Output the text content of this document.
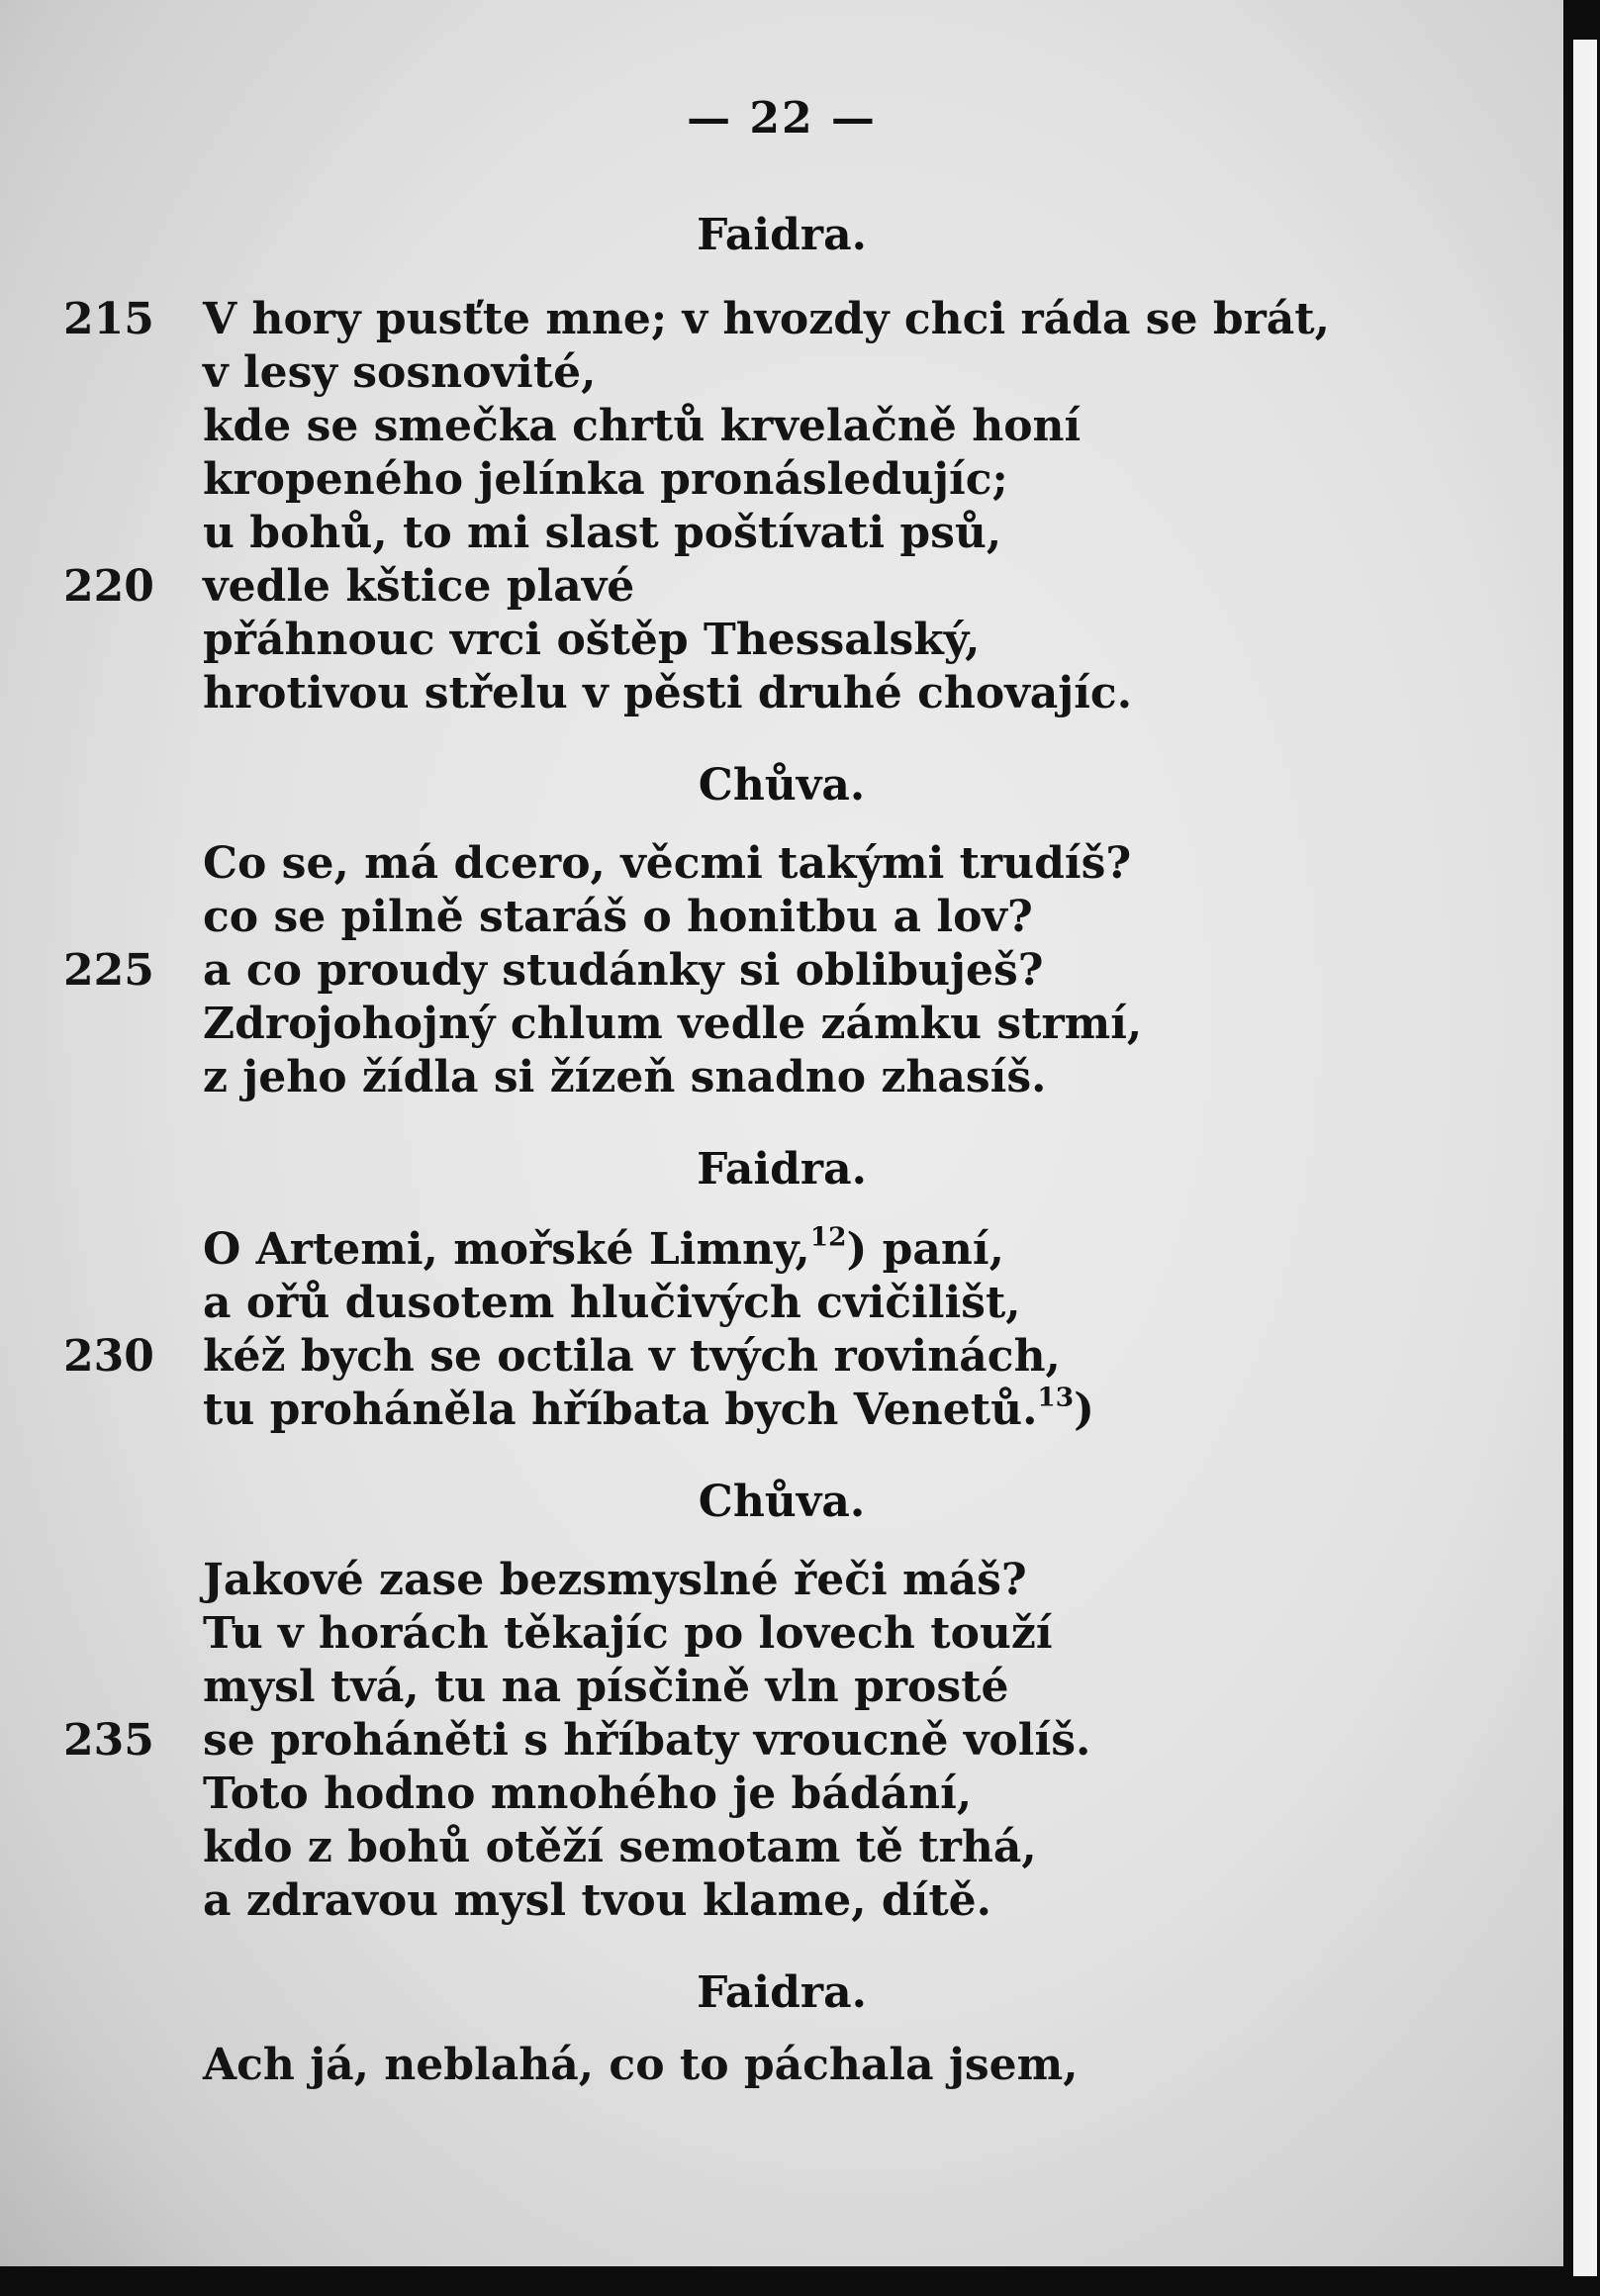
— 22 —
Faidra.
215 V hory pusťte mne; v hvozdy chci ráda se brát,
v lesy sosnovité,
kde se smečka chrtů krvelačně honí
kropeného jelínka pronásledujíc;
u bohů, to mi slast poštívati psů,
220 vedle kštice plavé
přáhnouc vrci oštěp Thessalský,
hrotivou střelu v pěsti druhé chovajíc.
Chůva.
Co se, má dcero, věcmi takými trudíš?
co se pilně staráš o honitbu a lov?
225 a co proudy studánky si oblibuješ?
Zdrojohojný chlum vedle zámku strmí,
z jeho žídla si žízeň snadno zhasíš.
Faidra.
O Artemi, mořské Limny,$^{12}$) paní,
a ořů dusotem hlučivých cvičilišt,
230 kéž bych se octila v tvých rovinách,
tu proháněla hříbata bych Venetů.$^{13}$)
Chůva.
Jakové zase bezsmyslné řeči máš?
Tu v horách těkajíc po lovech touží
mysl tvá, tu na písčině vln prosté
235 se proháněti s hříbaty vroucně volíš.
Toto hodno mnohého je bádání,
kdo z bohů otěží semotam tě trhá,
a zdravou mysl tvou klame, dítě.
Faidra.
Ach já, neblahá, co to páchala jsem,
